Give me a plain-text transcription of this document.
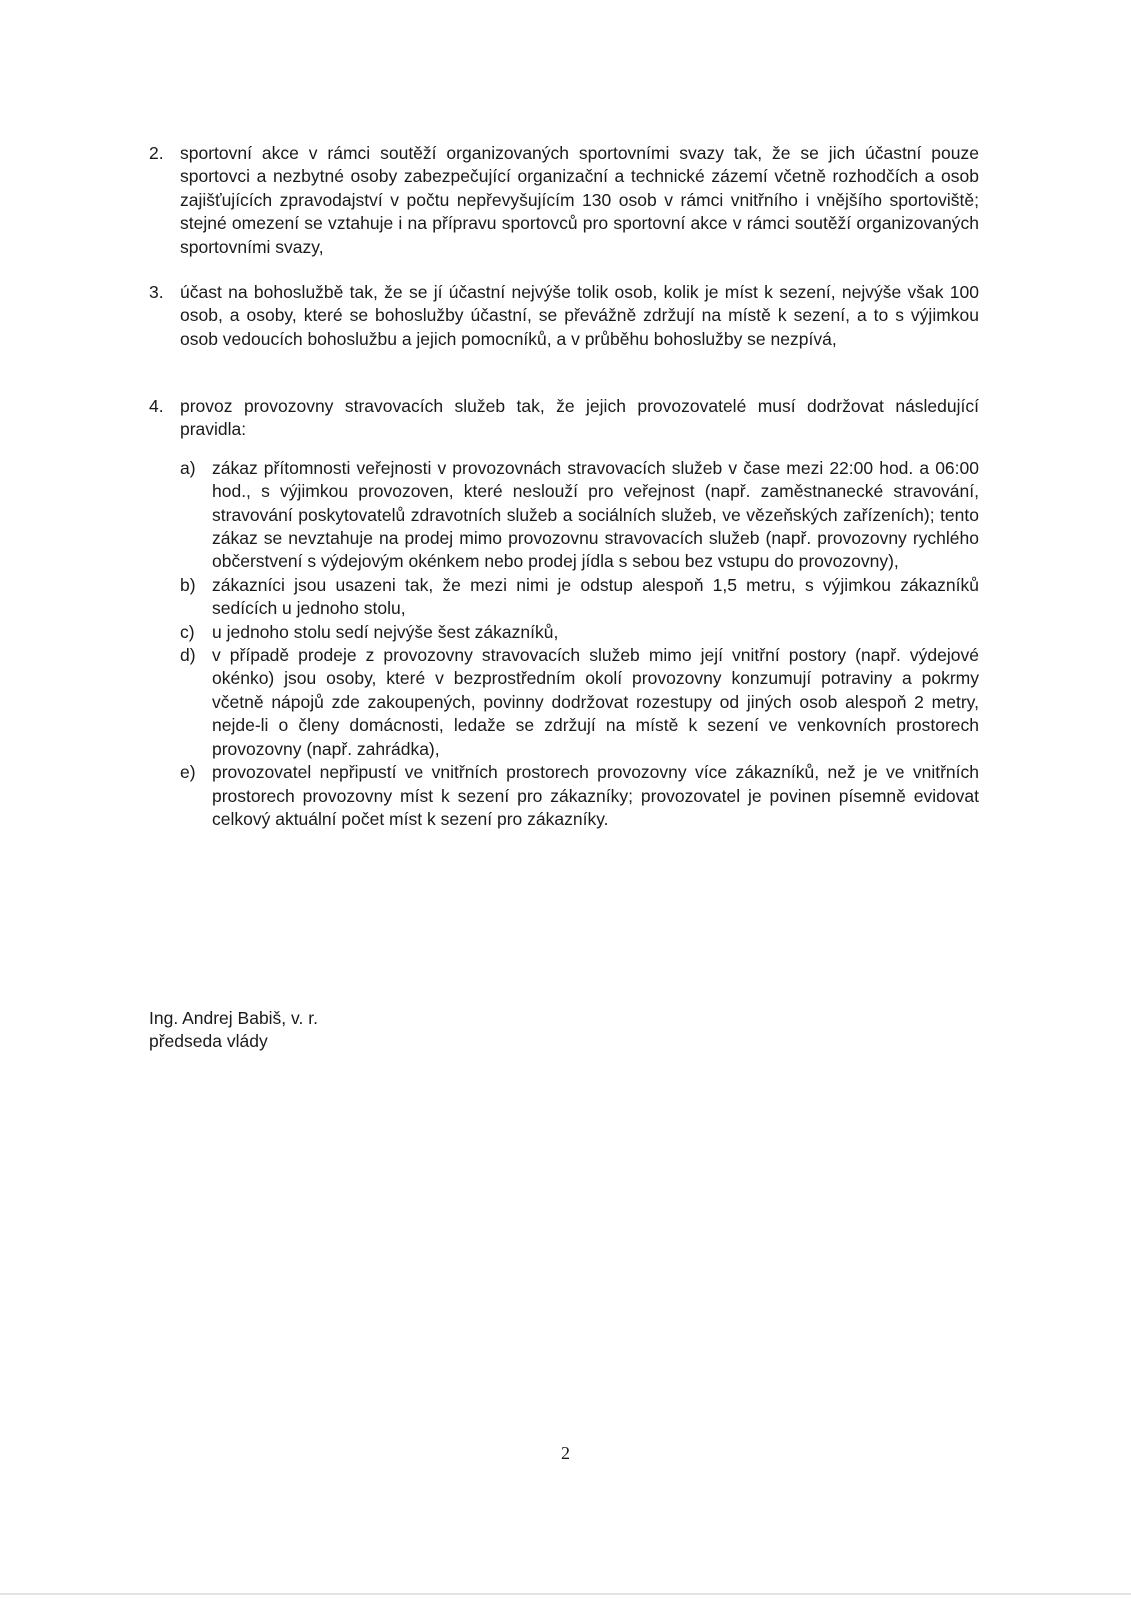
2. sportovní akce v rámci soutěží organizovaných sportovními svazy tak, že se jich účastní pouze sportovci a nezbytné osoby zabezpečující organizační a technické zázemí včetně rozhodčích a osob zajišťujících zpravodajství v počtu nepřevyšujícím 130 osob v rámci vnitřního i vnějšího sportoviště; stejné omezení se vztahuje i na přípravu sportovců pro sportovní akce v rámci soutěží organizovaných sportovními svazy,

3. účast na bohoslužbě tak, že se jí účastní nejvýše tolik osob, kolik je míst k sezení, nejvýše však 100 osob, a osoby, které se bohoslužby účastní, se převážně zdržují na místě k sezení, a to s výjimkou osob vedoucích bohoslužbu a jejich pomocníků, a v průběhu bohoslužby se nezpívá,

4. provoz provozovny stravovacích služeb tak, že jejich provozovatelé musí dodržovat následující pravidla:

a) zákaz přítomnosti veřejnosti v provozovnách stravovacích služeb v čase mezi 22:00 hod. a 06:00 hod., s výjimkou provozoven, které neslouží pro veřejnost (např. zaměstnanecké stravování, stravování poskytovatelů zdravotních služeb a sociálních služeb, ve vězeňských zařízeních); tento zákaz se nevztahuje na prodej mimo provozovnu stravovacích služeb (např. provozovny rychlého občerstvení s výdejovým okénkem nebo prodej jídla s sebou bez vstupu do provozovny),
b) zákazníci jsou usazeni tak, že mezi nimi je odstup alespoň 1,5 metru, s výjimkou zákazníků sedících u jednoho stolu,
c) u jednoho stolu sedí nejvýše šest zákazníků,
d) v případě prodeje z provozovny stravovacích služeb mimo její vnitřní postory (např. výdejové okénko) jsou osoby, které v bezprostředním okolí provozovny konzumují potraviny a pokrmy včetně nápojů zde zakoupených, povinny dodržovat rozestupy od jiných osob alespoň 2 metry, nejde-li o členy domácnosti, ledaže se zdržují na místě k sezení ve venkovních prostorech provozovny (např. zahrádka),
e) provozovatel nepřipustí ve vnitřních prostorech provozovny více zákazníků, než je ve vnitřních prostorech provozovny míst k sezení pro zákazníky; provozovatel je povinen písemně evidovat celkový aktuální počet míst k sezení pro zákazníky.
Ing. Andrej Babiš, v. r.
předseda vlády
2
